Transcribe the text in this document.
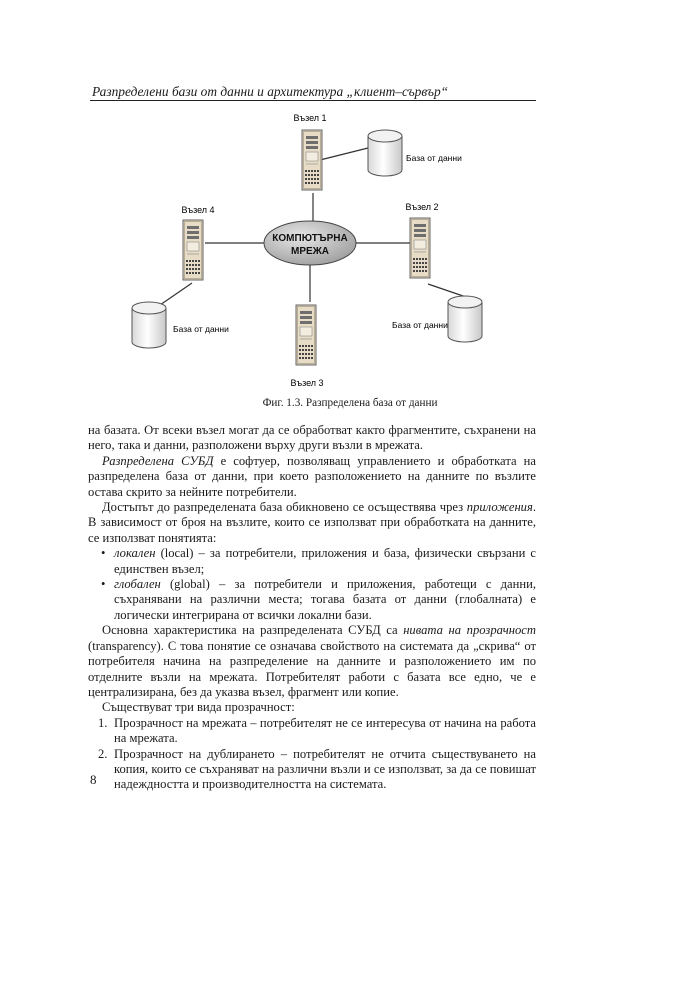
Разпределени бази от данни и архитектура „клиент–сървър“
КОМПЮТЪРНА
МРЕЖА
Възел 1
База от данни
Възел 4
База от данни
Възел 2
База от данни
Възел 3
Фиг. 1.3. Разпределена база от данни

на базата. От всеки възел могат да се обработват както фрагментите, съхранени на него, така и данни, разположени върху други възли в мрежата.

Разпределена СУБД е софтуер, позволяващ управлението и обработката на разпределена база от данни, при което разположението на данните по възлите остава скрито за нейните потребители.

Достъпът до разпределената база обикновено се осъществява чрез приложения. В зависимост от броя на възлите, които се използват при обработката на данните, се използват понятията:

• локален (local) – за потребители, приложения и база, физически свързани с единствен възел;

• глобален (global) – за потребители и приложения, работещи с данни, съхранявани на различни места; тогава базата от данни (глобалната) е логически интегрирана от всички локални бази.

Основна характеристика на разпределената СУБД са нивата на прозрачност (transparency). С това понятие се означава свойството на системата да „скрива“ от потребителя начина на разпределение на данните и разположението им по отделните възли на мрежата. Потребителят работи с базата все едно, че е централизирана, без да указва възел, фрагмент или копие.

Съществуват три вида прозрачност:

1. Прозрачност на мрежата – потребителят не се интересува от начина на работа на мрежата.

2. Прозрачност на дублирането – потребителят не отчита съществуването на копия, които се съхраняват на различни възли и се използват, за да се повишат надеждността и производителността на системата.

8
